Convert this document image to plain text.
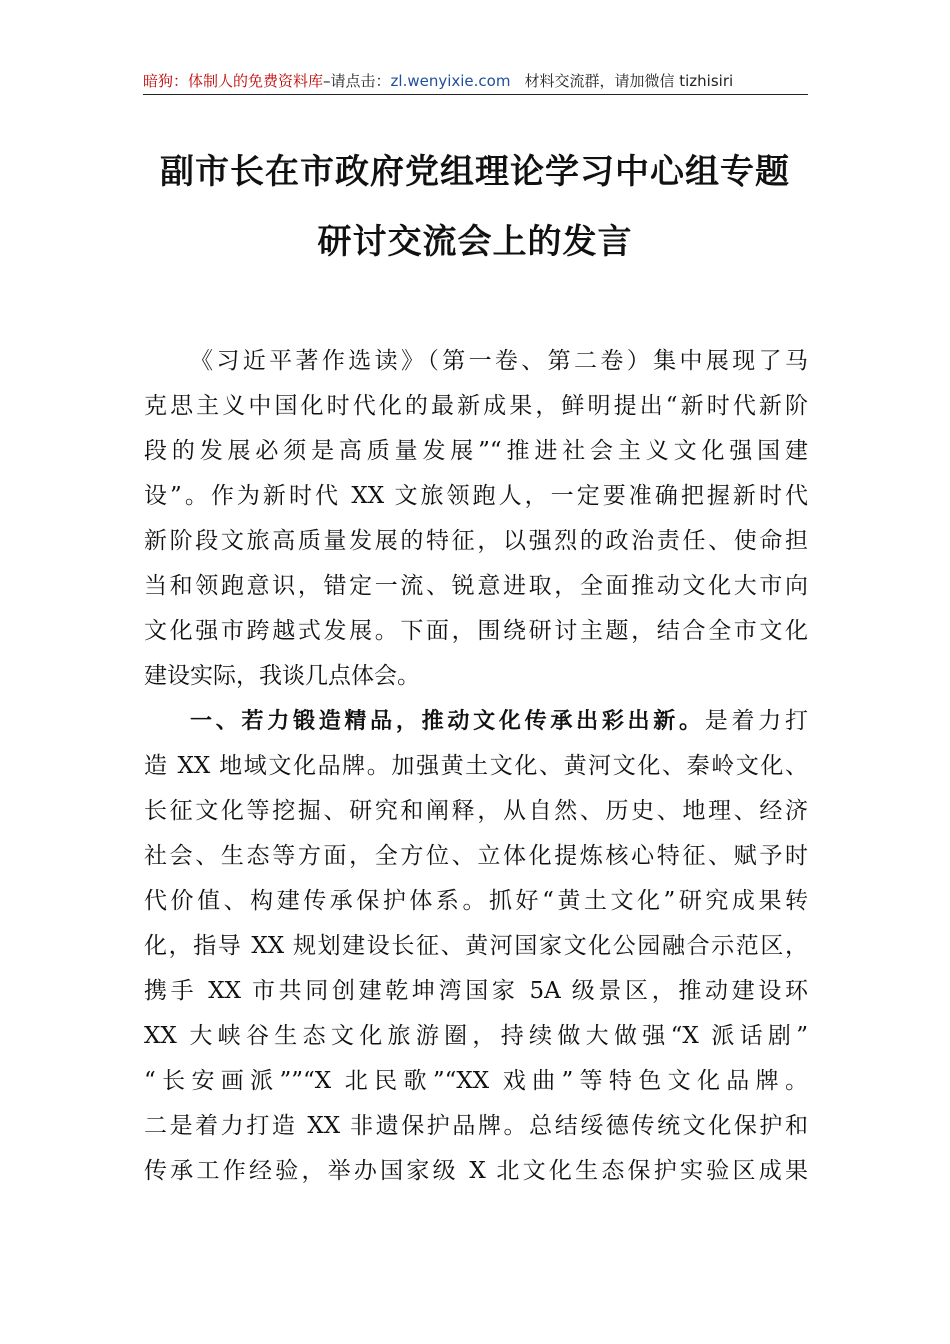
暗狗：体制人的免费资料库–请点击：zl.wenyixie.com 材料交流群，请加微信 tizhisiri
副市长在市政府党组理论学习中心组专题
研讨交流会上的发言
《习近平著作选读》（第一卷、第二卷）集中展现了马
克思主义中国化时代化的最新成果，鲜明提出“新时代新阶
段的发展必须是高质量发展”“推进社会主义文化强国建
设”。作为新时代 XX 文旅领跑人，一定要准确把握新时代
新阶段文旅高质量发展的特征，以强烈的政治责任、使命担
当和领跑意识，错定一流、锐意进取，全面推动文化大市向
文化强市跨越式发展。下面，围绕研讨主题，结合全市文化
建设实际，我谈几点体会。
一、若力锻造精品，推动文化传承出彩出新。是着力打
造 XX 地域文化品牌。加强黄土文化、黄河文化、秦岭文化、
长征文化等挖掘、研究和阐释，从自然、历史、地理、经济
社会、生态等方面，全方位、立体化提炼核心特征、赋予时
代价值、构建传承保护体系。抓好“黄土文化”研究成果转
化，指导 XX 规划建设长征、黄河国家文化公园融合示范区，
携手 XX 市共同创建乾坤湾国家 5A 级景区，推动建设环
XX 大峡谷生态文化旅游圈，持续做大做强“X 派话剧”
“长安画派””“X 北民歌”“XX 戏曲”等特色文化品牌。
二是着力打造 XX 非遗保护品牌。总结绥德传统文化保护和
传承工作经验，举办国家级 X 北文化生态保护实验区成果
